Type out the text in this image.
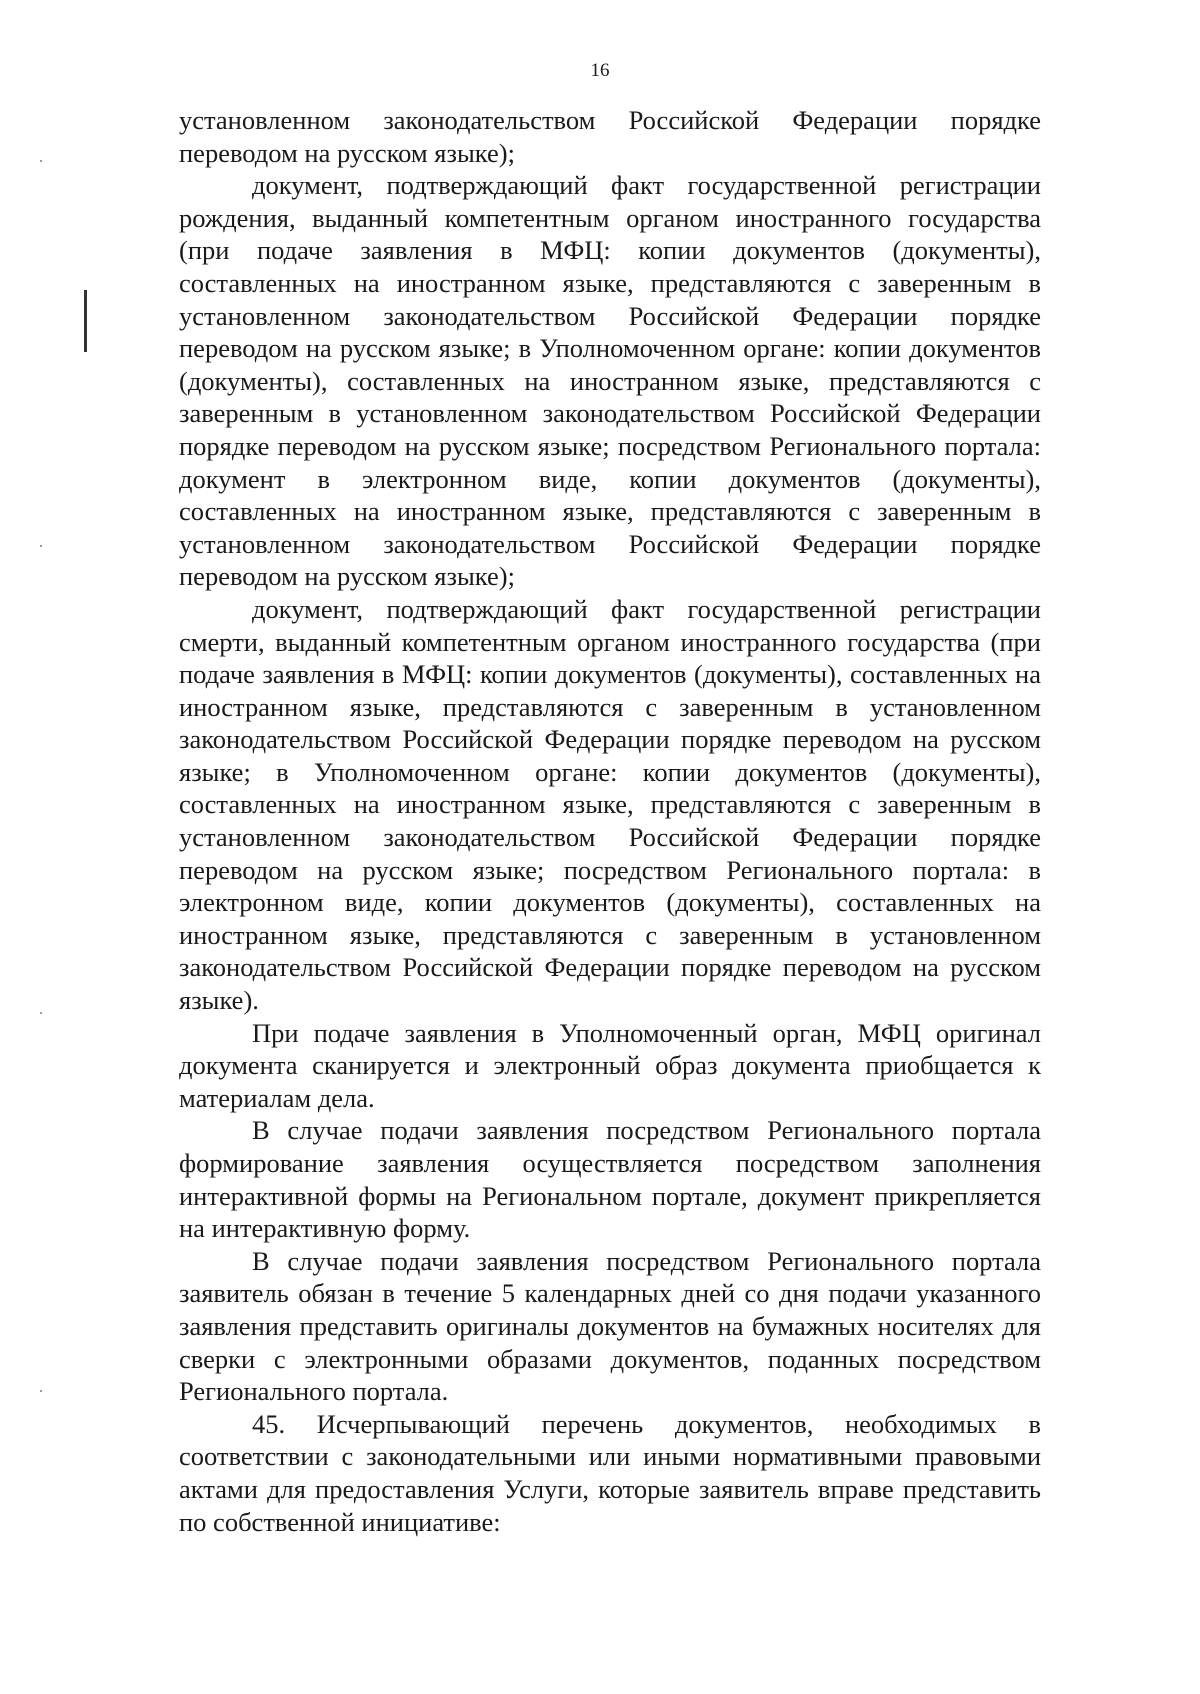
16

установленном законодательством Российской Федерации порядке переводом на русском языке);

документ, подтверждающий факт государственной регистрации рождения, выданный компетентным органом иностранного государства (при подаче заявления в МФЦ: копии документов (документы), составленных на иностранном языке, представляются с заверенным в установленном законодательством Российской Федерации порядке переводом на русском языке; в Уполномоченном органе: копии документов (документы), составленных на иностранном языке, представляются с заверенным в установленном законодательством Российской Федерации порядке переводом на русском языке; посредством Регионального портала: документ в электронном виде, копии документов (документы), составленных на иностранном языке, представляются с заверенным в установленном законодательством Российской Федерации порядке переводом на русском языке);

документ, подтверждающий факт государственной регистрации смерти, выданный компетентным органом иностранного государства (при подаче заявления в МФЦ: копии документов (документы), составленных на иностранном языке, представляются с заверенным в установленном законодательством Российской Федерации порядке переводом на русском языке; в Уполномоченном органе: копии документов (документы), составленных на иностранном языке, представляются с заверенным в установленном законодательством Российской Федерации порядке переводом на русском языке; посредством Регионального портала: в электронном виде, копии документов (документы), составленных на иностранном языке, представляются с заверенным в установленном законодательством Российской Федерации порядке переводом на русском языке).

При подаче заявления в Уполномоченный орган, МФЦ оригинал документа сканируется и электронный образ документа приобщается к материалам дела.

В случае подачи заявления посредством Регионального портала формирование заявления осуществляется посредством заполнения интерактивной формы на Региональном портале, документ прикрепляется на интерактивную форму.

В случае подачи заявления посредством Регионального портала заявитель обязан в течение 5 календарных дней со дня подачи указанного заявления представить оригиналы документов на бумажных носителях для сверки с электронными образами документов, поданных посредством Регионального портала.

45. Исчерпывающий перечень документов, необходимых в соответствии с законодательными или иными нормативными правовыми актами для предоставления Услуги, которые заявитель вправе представить по собственной инициативе:
